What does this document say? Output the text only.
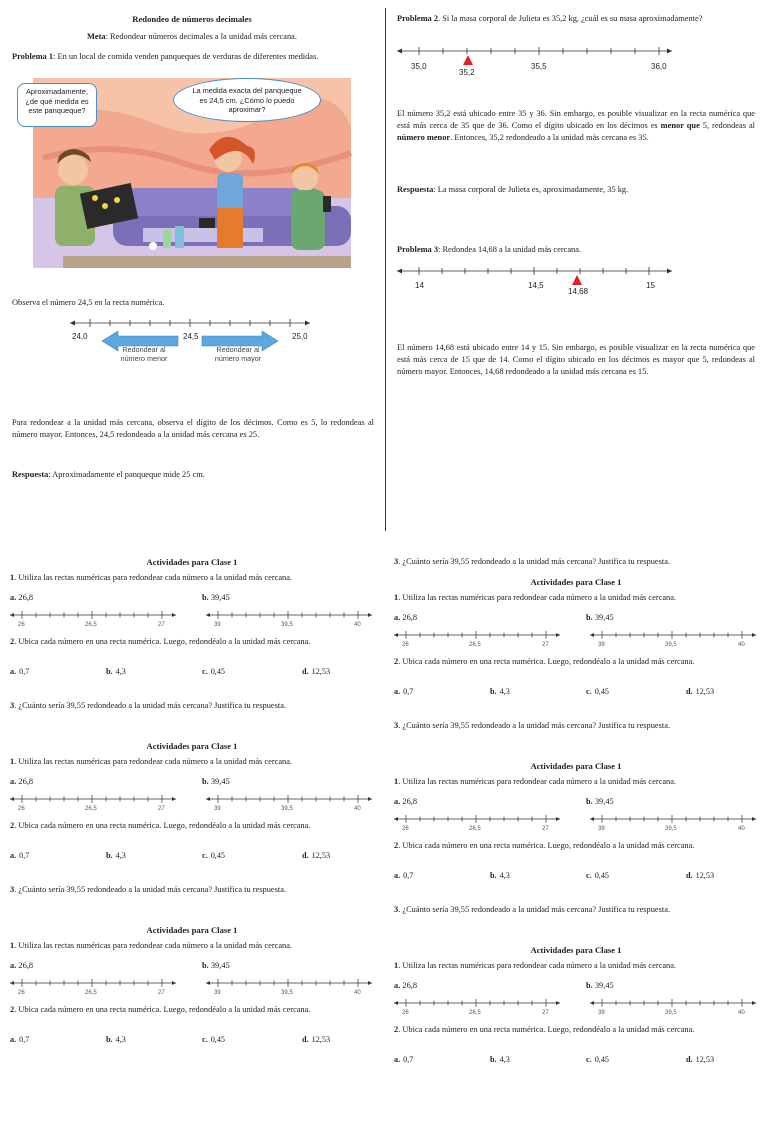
Redondeo de números decimales
Meta: Redondear números decimales a la unidad más cercana.
Problema 1: En un local de comida venden panqueques de verduras de diferentes medidas.
Aproximadamente, ¿de qué medida es este panqueque?
La medida exacta del panqueque es 24,5 cm. ¿Cómo lo puedo aproximar?
Observa el número 24,5 en la recta numérica.
24,0	24,5	25,0
Redondear al número menor
Redondear al número mayor
Para redondear a la unidad más cercana, observa el dígito de los décimos. Como es 5, lo redondeas al número mayor. Entonces, 24,5 redondeado a la unidad más cercana es 25.
Respuesta: Aproximadamente el panqueque mide 25 cm.
Problema 2. Si la masa corporal de Julieta es 35,2 kg, ¿cuál es su masa aproximadamente?
35,0
35,2
35,5	36,0
El número 35,2 está ubicado entre 35 y 36. Sin embargo, es posible visualizar en la recta numérica que está más cerca de 35 que de 36. Como el dígito ubicado en los décimos es menor que 5, redondeas al número menor. Entonces, 35,2 redondeado a la unidad más cercana es 35.
Respuesta: La masa corporal de Julieta es, aproximadamente, 35 kg.
Problema 3: Redondea 14,68 a la unidad más cercana.
14	14,5
14,68
15
El número 14,68 está ubicado entre 14 y 15. Sin embargo, es posible visualizar en la recta numérica que está más cerca de 15 que de 14. Como el dígito ubicado en los décimos es mayor que 5, redondeas al número mayor. Entonces, 14,68 redondeado a la unidad más cercana es 15.
Actividades para Clase 1
1. Utiliza las rectas numéricas para redondear cada número a la unidad más cercana.
a. 26,8	b. 39,45
26	26,5	27	39	39,5	40
2. Ubica cada número en una recta numérica. Luego, redondéalo a la unidad más cercana.
a. 0,7	b. 4,3	c. 0,45	d. 12,53
3. ¿Cuánto sería 39,55 redondeado a la unidad más cercana? Justifica tu respuesta.
Actividades para Clase 1
1. Utiliza las rectas numéricas para redondear cada número a la unidad más cercana.
a. 26,8	b. 39,45
26	26,5	27	39	39,5	40
2. Ubica cada número en una recta numérica. Luego, redondéalo a la unidad más cercana.
a. 0,7	b. 4,3	c. 0,45	d. 12,53
3. ¿Cuánto sería 39,55 redondeado a la unidad más cercana? Justifica tu respuesta.
Actividades para Clase 1
1. Utiliza las rectas numéricas para redondear cada número a la unidad más cercana.
a. 26,8	b. 39,45
26	26,5	27	39	39,5	40
2. Ubica cada número en una recta numérica. Luego, redondéalo a la unidad más cercana.
a. 0,7	b. 4,3	c. 0,45	d. 12,53
Actividades para Clase 1
1. Utiliza las rectas numéricas para redondear cada número a la unidad más cercana.
a. 26,8	b. 39,45
26	26,5	27	39	39,5	40
2. Ubica cada número en una recta numérica. Luego, redondéalo a la unidad más cercana.
a. 0,7	b. 4,3	c. 0,45	d. 12,53
3. ¿Cuánto sería 39,55 redondeado a la unidad más cercana? Justifica tu respuesta.
Actividades para Clase 1
1. Utiliza las rectas numéricas para redondear cada número a la unidad más cercana.
a. 26,8	b. 39,45
26	26,5	27	39	39,5	40
2. Ubica cada número en una recta numérica. Luego, redondéalo a la unidad más cercana.
a. 0,7	b. 4,3	c. 0,45	d. 12,53
3. ¿Cuánto sería 39,55 redondeado a la unidad más cercana? Justifica tu respuesta.
Actividades para Clase 1
1. Utiliza las rectas numéricas para redondear cada número a la unidad más cercana.
a. 26,8	b. 39,45
26	26,5	27	39	39,5	40
2. Ubica cada número en una recta numérica. Luego, redondéalo a la unidad más cercana.
a. 0,7	b. 4,3	c. 0,45	d. 12,53
3. ¿Cuánto sería 39,55 redondeado a la unidad más cercana? Justifica tu respuesta.
